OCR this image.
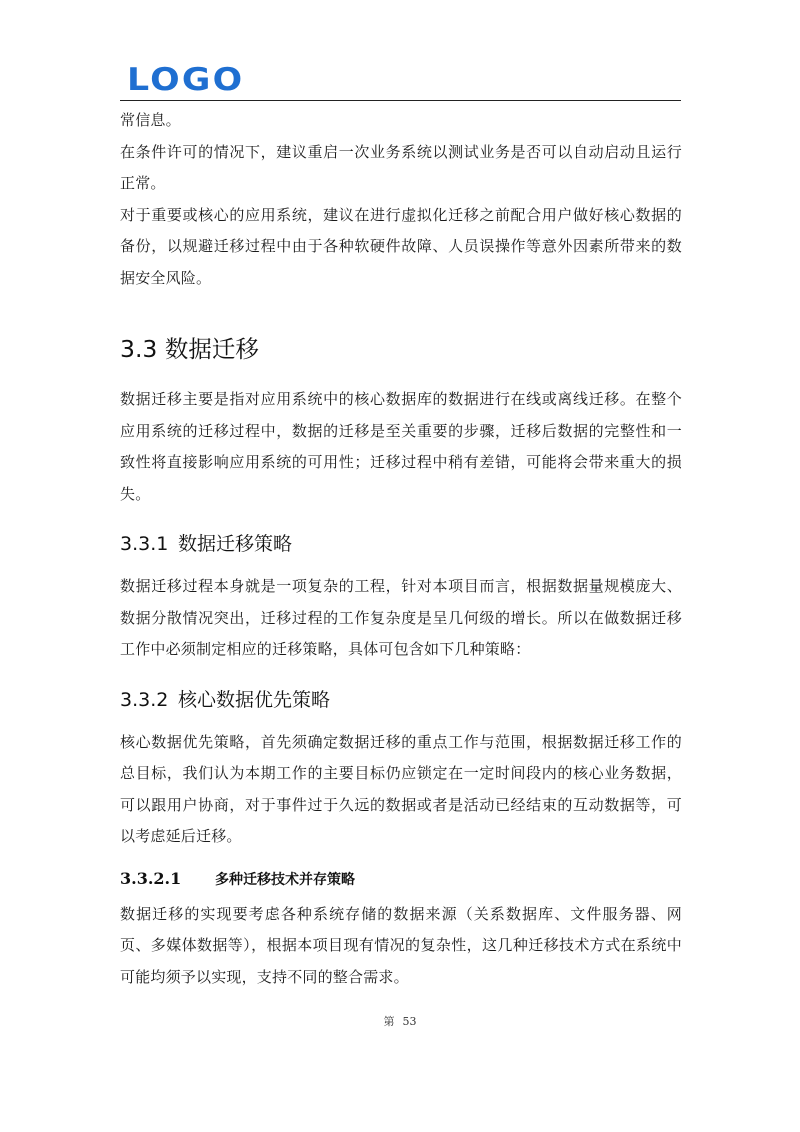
LOGO

常信息。

在条件许可的情况下，建议重启一次业务系统以测试业务是否可以自动启动且运行正常。

对于重要或核心的应用系统，建议在进行虚拟化迁移之前配合用户做好核心数据的备份，以规避迁移过程中由于各种软硬件故障、人员误操作等意外因素所带来的数据安全风险。

3.3 数据迁移

数据迁移主要是指对应用系统中的核心数据库的数据进行在线或离线迁移。在整个应用系统的迁移过程中，数据的迁移是至关重要的步骤，迁移后数据的完整性和一致性将直接影响应用系统的可用性；迁移过程中稍有差错，可能将会带来重大的损失。

3.3.1 数据迁移策略

数据迁移过程本身就是一项复杂的工程，针对本项目而言，根据数据量规模庞大、数据分散情况突出，迁移过程的工作复杂度是呈几何级的增长。所以在做数据迁移工作中必须制定相应的迁移策略，具体可包含如下几种策略：

3.3.2 核心数据优先策略

核心数据优先策略，首先须确定数据迁移的重点工作与范围，根据数据迁移工作的总目标，我们认为本期工作的主要目标仍应锁定在一定时间段内的核心业务数据，可以跟用户协商，对于事件过于久远的数据或者是活动已经结束的互动数据等，可以考虑延后迁移。

3.3.2.1 多种迁移技术并存策略

数据迁移的实现要考虑各种系统存储的数据来源（关系数据库、文件服务器、网页、多媒体数据等），根据本项目现有情况的复杂性，这几种迁移技术方式在系统中可能均须予以实现，支持不同的整合需求。

第 53
